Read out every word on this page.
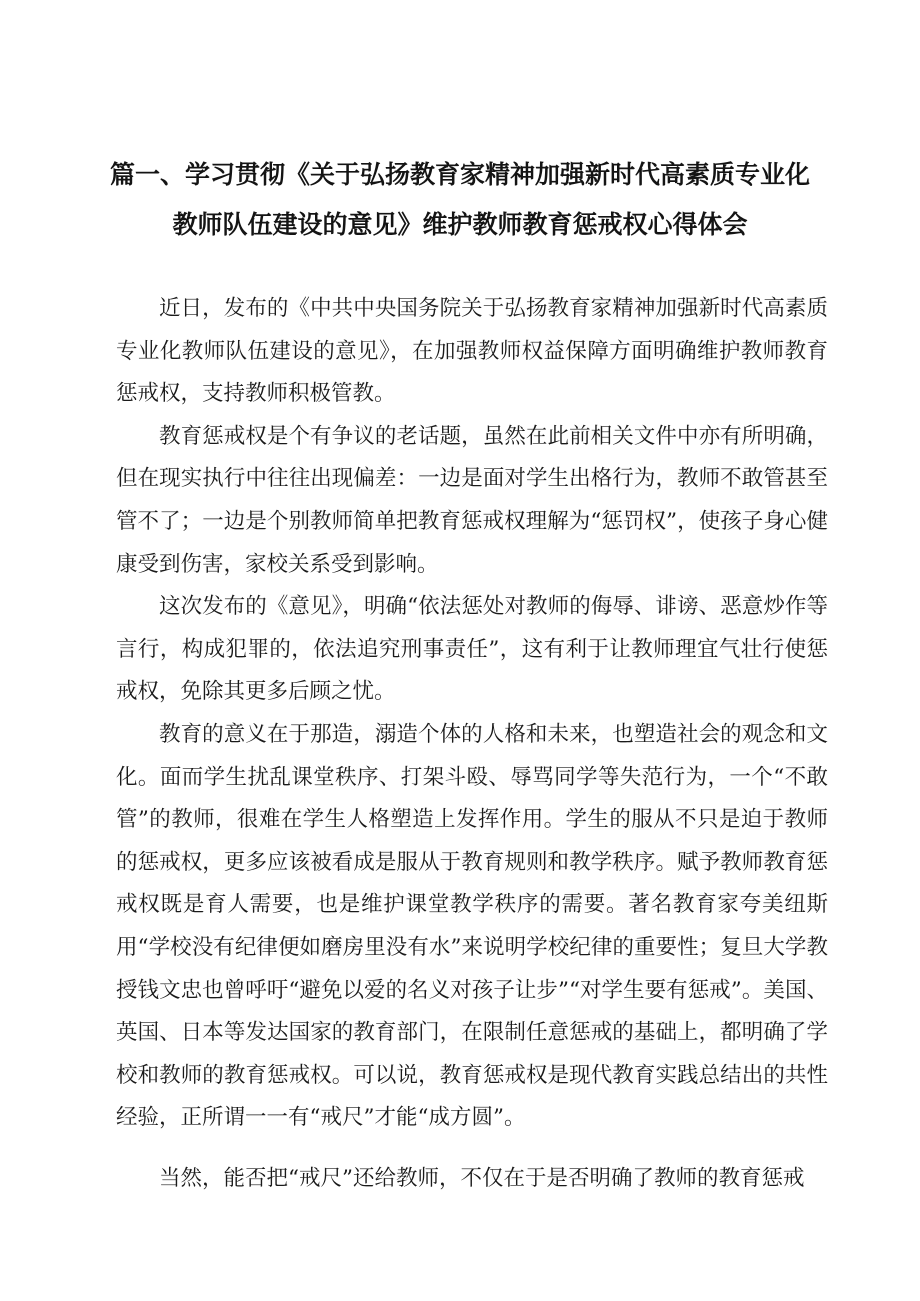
篇一、学习贯彻《关于弘扬教育家精神加强新时代高素质专业化
教师队伍建设的意见》维护教师教育惩戒权心得体会

近日，发布的《中共中央国务院关于弘扬教育家精神加强新时代高素质专业化教师队伍建设的意见》，在加强教师权益保障方面明确维护教师教育惩戒权，支持教师积极管教。

教育惩戒权是个有争议的老话题，虽然在此前相关文件中亦有所明确，但在现实执行中往往出现偏差：一边是面对学生出格行为，教师不敢管甚至管不了；一边是个别教师简单把教育惩戒权理解为“惩罚权”，使孩子身心健康受到伤害，家校关系受到影响。

这次发布的《意见》，明确“依法惩处对教师的侮辱、诽谤、恶意炒作等言行，构成犯罪的，依法追究刑事责任”，这有利于让教师理宜气壮行使惩戒权，免除其更多后顾之忧。

教育的意义在于那造，溺造个体的人格和未来，也塑造社会的观念和文化。面而学生扰乱课堂秩序、打架斗殴、辱骂同学等失范行为，一个“不敢管”的教师，很难在学生人格塑造上发挥作用。学生的服从不只是迫于教师的惩戒权，更多应该被看成是服从于教育规则和教学秩序。赋予教师教育惩戒权既是育人需要，也是维护课堂教学秩序的需要。著名教育家夸美纽斯用“学校没有纪律便如磨房里没有水”来说明学校纪律的重要性；复旦大学教授钱文忠也曾呼吁“避免以爱的名义对孩子让步”“对学生要有惩戒”。美国、英国、日本等发达国家的教育部门，在限制任意惩戒的基础上，都明确了学校和教师的教育惩戒权。可以说，教育惩戒权是现代教育实践总结出的共性经验，正所谓一一有“戒尺”才能“成方圆”。

当然，能否把“戒尺”还给教师，不仅在于是否明确了教师的教育惩戒
